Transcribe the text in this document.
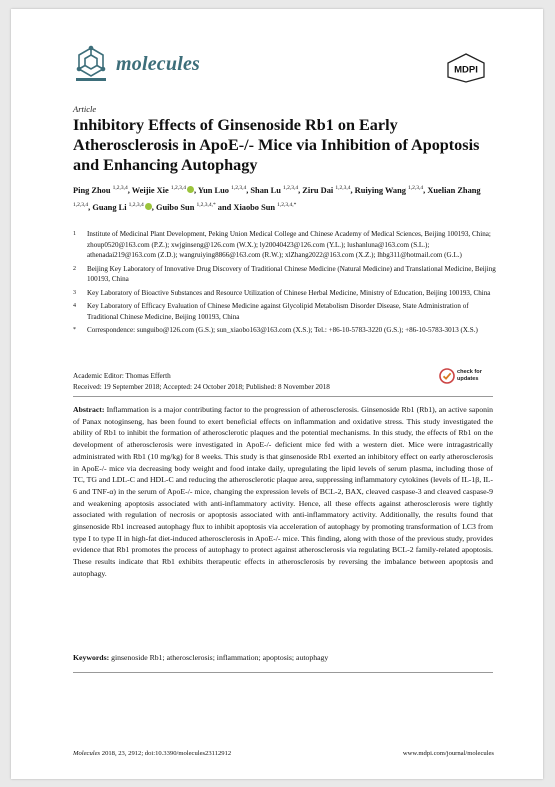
molecules	MDPI
Article
Inhibitory Effects of Ginsenoside Rb1 on Early Atherosclerosis in ApoE-/- Mice via Inhibition of Apoptosis and Enhancing Autophagy
Ping Zhou $^{1,2,3,4}$, Weijie Xie $^{1,2,3,4}$ , Yun Luo $^{1,2,3,4}$, Shan Lu $^{1,2,3,4}$, Ziru Dai $^{1,2,3,4}$, Ruiying Wang $^{1,2,3,4}$, Xuelian Zhang $^{1,2,3,4}$, Guang Li $^{1,2,3,4}$ , Guibo Sun $^{1,2,3,4,*}$ and Xiaobo Sun $^{1,2,3,4,*}$
1 Institute of Medicinal Plant Development, Peking Union Medical College and Chinese Academy of Medical Sciences, Beijing 100193, China; zhoup0520@163.com (P.Z.); xwjginseng@126.com (W.X.); ly20040423@126.com (Y.L.); lushanluna@163.com (S.L.); athenadai219@163.com (Z.D.); wangruiying8866@163.com (R.W.); xlZhang2022@163.com (X.Z.); lhbg311@hotmail.com (G.L.)
2 Beijing Key Laboratory of Innovative Drug Discovery of Traditional Chinese Medicine (Natural Medicine) and Translational Medicine, Beijing 100193, China
3 Key Laboratory of Bioactive Substances and Resource Utilization of Chinese Herbal Medicine, Ministry of Education, Beijing 100193, China
4 Key Laboratory of Efficacy Evaluation of Chinese Medicine against Glycolipid Metabolism Disorder Disease, State Administration of Traditional Chinese Medicine, Beijing 100193, China
* Correspondence: sunguibo@126.com (G.S.); sun_xiaobo163@163.com (X.S.); Tel.: +86-10-5783-3220 (G.S.); +86-10-5783-3013 (X.S.)
Academic Editor: Thomas Efferth
Received: 19 September 2018; Accepted: 24 October 2018; Published: 8 November 2018
check for
updates
Abstract: Inflammation is a major contributing factor to the progression of atherosclerosis. Ginsenoside Rb1 (Rb1), an active saponin of Panax notoginseng, has been found to exert beneficial effects on inflammation and oxidative stress. This study investigated the ability of Rb1 to inhibit the formation of atherosclerotic plaques and the potential mechanisms. In this study, the effects of Rb1 on the development of atherosclerosis were investigated in ApoE-/- deficient mice fed with a western diet. Mice were intragastrically administrated with Rb1 (10 mg/kg) for 8 weeks. This study is that ginsenoside Rb1 exerted an inhibitory effect on early atherosclerosis in ApoE-/- mice via decreasing body weight and food intake daily, upregulating the lipid levels of serum plasma, including those of TC, TG and LDL-C and HDL-C and reducing the atherosclerotic plaque area, suppressing inflammatory cytokines (levels of IL-1β, IL-6 and TNF-α) in the serum of ApoE-/- mice, changing the expression levels of BCL-2, BAX, cleaved caspase-3 and cleaved caspase-9 and weakening apoptosis associated with anti-inflammatory activity. Hence, all these effects against atherosclerosis were tightly associated with regulation of necrosis or apoptosis associated with anti-inflammatory activity. Additionally, the results found that ginsenoside Rb1 increased autophagy flux to inhibit apoptosis via acceleration of autophagy by promoting transformation of LC3 from type I to type II in high-fat diet-induced atherosclerosis in ApoE-/- mice. This finding, along with those of the previous study, provides evidence that Rb1 promotes the process of autophagy to protect against atherosclerosis via regulating BCL-2 family-related apoptosis. These results indicate that Rb1 exhibits therapeutic effects in atherosclerosis by reversing the imbalance between apoptosis and autophagy.
Keywords: ginsenoside Rb1; atherosclerosis; inflammation; apoptosis; autophagy
Molecules 2018, 23, 2912; doi:10.3390/molecules23112912	www.mdpi.com/journal/molecules
